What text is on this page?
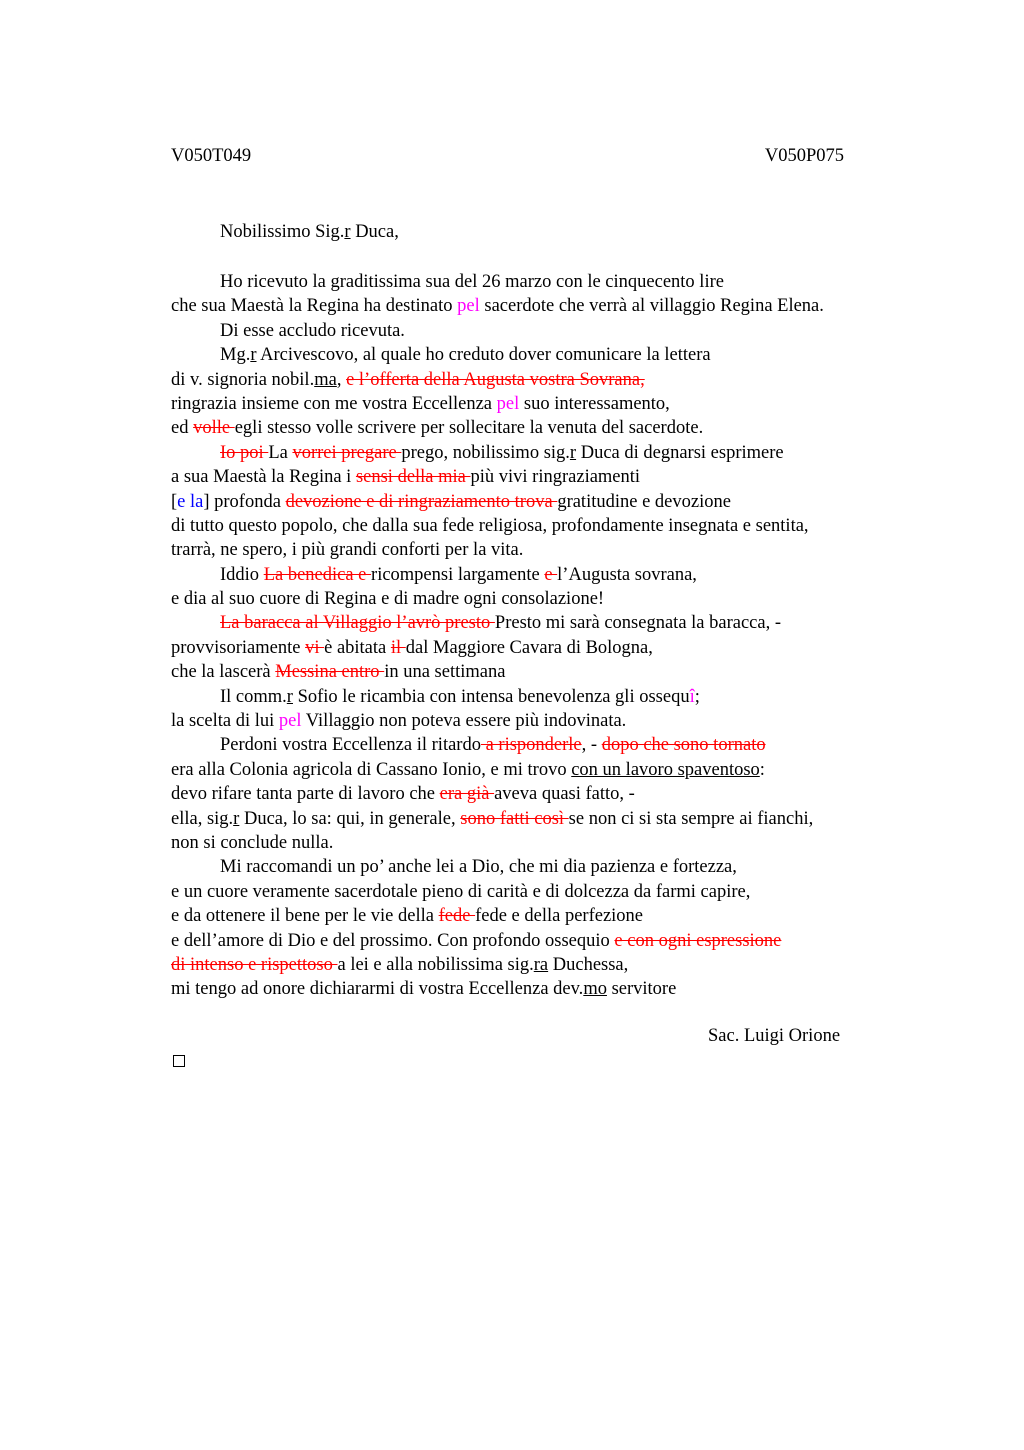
V050T049	V050P075
Nobilissimo Sig.r Duca,
Ho ricevuto la graditissima sua del 26 marzo con le cinquecento lire
che sua Maestà la Regina ha destinato pel sacerdote che verrà al villaggio Regina Elena.
Di esse accludo ricevuta.
Mg.r Arcivescovo, al quale ho creduto dover comunicare la lettera
di v. signoria nobil.ma, e l’offerta della Augusta vostra Sovrana,
ringrazia insieme con me vostra Eccellenza pel suo interessamento,
ed volle egli stesso volle scrivere per sollecitare la venuta del sacerdote.
Io poi La vorrei pregare prego, nobilissimo sig.r Duca di degnarsi esprimere
a sua Maestà la Regina i sensi della mia più vivi ringraziamenti
[e la] profonda devozione e di ringraziamento trova gratitudine e devozione
di tutto questo popolo, che dalla sua fede religiosa, profondamente insegnata e sentita,
trarrà, ne spero, i più grandi conforti per la vita.
Iddio La benedica e ricompensi largamente e l’Augusta sovrana,
e dia al suo cuore di Regina e di madre ogni consolazione!
La baracca al Villaggio l’avrò presto Presto mi sarà consegnata la baracca, -
provvisoriamente vi è abitata il dal Maggiore Cavara di Bologna,
che la lascerà Messina entro in una settimana
Il comm.r Sofio le ricambia con intensa benevolenza gli ossequî;
la scelta di lui pel Villaggio non poteva essere più indovinata.
Perdoni vostra Eccellenza il ritardo a risponderle, - dopo che sono tornato
era alla Colonia agricola di Cassano Ionio, e mi trovo con un lavoro spaventoso:
devo rifare tanta parte di lavoro che era già aveva quasi fatto, -
ella, sig.r Duca, lo sa: qui, in generale, sono fatti così se non ci si sta sempre ai fianchi,
non si conclude nulla.
Mi raccomandi un po’ anche lei a Dio, che mi dia pazienza e fortezza,
e un cuore veramente sacerdotale pieno di carità e di dolcezza da farmi capire,
e da ottenere il bene per le vie della fede fede e della perfezione
e dell’amore di Dio e del prossimo. Con profondo ossequio e con ogni espressione
di intenso e rispettoso a lei e alla nobilissima sig.ra Duchessa,
mi tengo ad onore dichiararmi di vostra Eccellenza dev.mo servitore
Sac. Luigi Orione
